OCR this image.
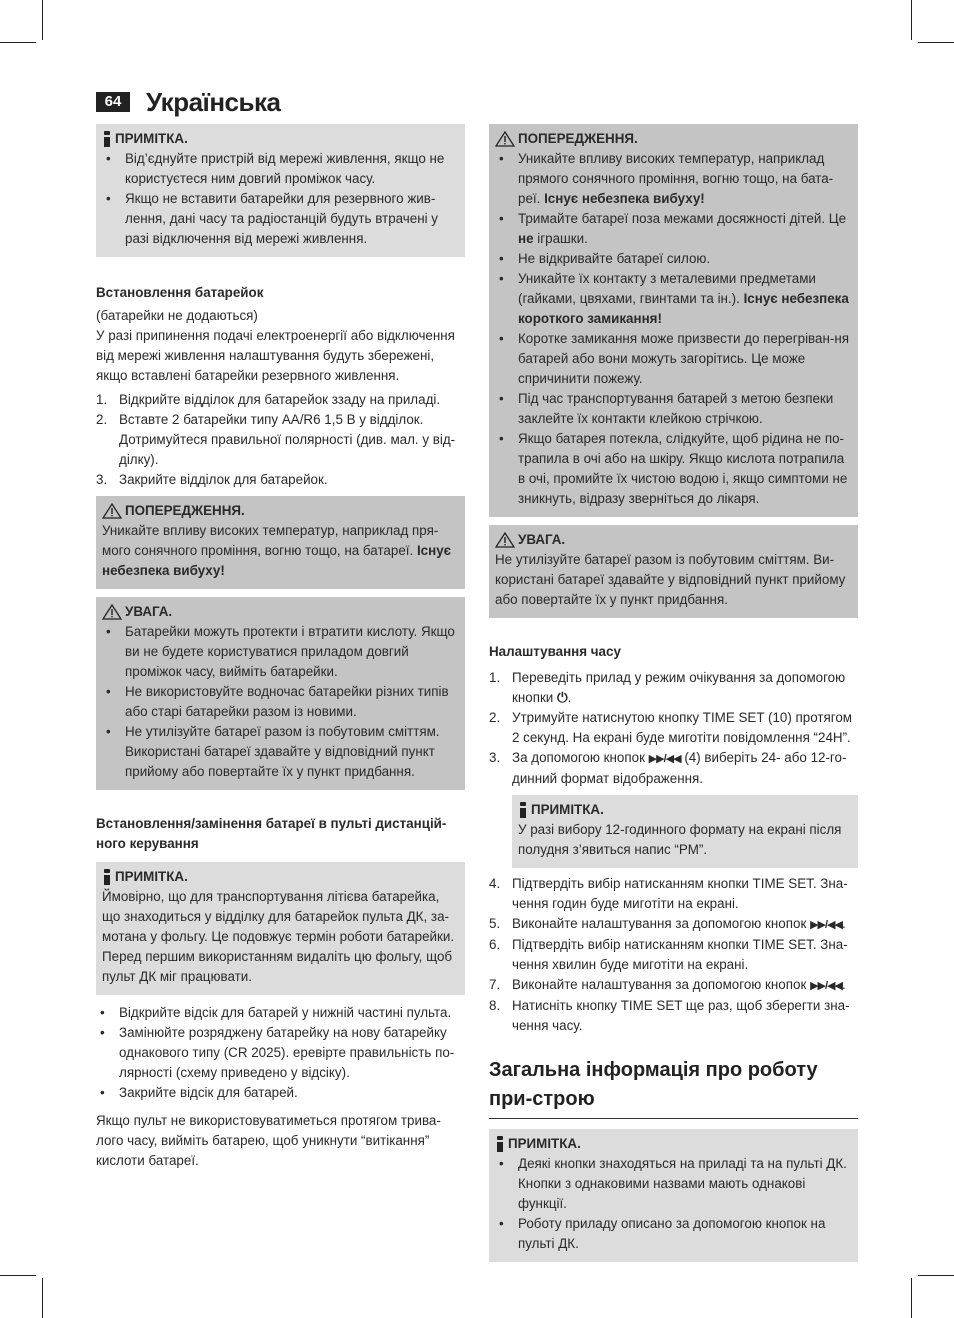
64 Українська
ПРИМІТКА.
• Від’єднуйте пристрій від мережі живлення, якщо не користуєтеся ним довгий проміжок часу.
• Якщо не вставити батарейки для резервного жив-лення, дані часу та радіостанцій будуть втрачені у разі відключення від мережі живлення.
Встановлення батарейок
(батарейки не додаються)
У разі припинення подачі електроенергії або відключення від мережі живлення налаштування будуть збережені, якщо вставлені батарейки резервного живлення.
1. Відкрийте відділок для батарейок ззаду на приладі.
2. Вставте 2 батарейки типу AA/R6 1,5 B у відділок. Дотримуйтеся правильної полярності (див. мал. у від-ділку).
3. Закрийте відділок для батарейок.
ПОПЕРЕДЖЕННЯ.
Уникайте впливу високих температур, наприклад пря-мого сонячного проміння, вогню тощо, на батареї. Існує небезпека вибуху!
УВАГА.
• Батарейки можуть протекти і втратити кислоту. Якщо ви не будете користуватися приладом довгий проміжок часу, вийміть батарейки.
• Не використовуйте водночас батарейки різних типів або старі батарейки разом із новими.
• Не утилізуйте батареї разом із побутовим сміттям. Використані батареї здавайте у відповідний пункт прийому або повертайте їх у пункт придбання.
Встановлення/замінення батареї в пульті дистанцій-ного керування
ПРИМІТКА.
Ймовірно, що для транспортування літієва батарейка, що знаходиться у відділку для батарейок пульта ДК, за-мотана у фольгу. Це подовжує термін роботи батарейки. Перед першим використанням видаліть цю фольгу, щоб пульт ДК міг працювати.
• Відкрийте відсік для батарей у нижній частині пульта.
• Замінюйте розряджену батарейку на нову батарейку однакового типу (CR 2025). еревірте правильність по-лярності (схему приведено у відсіку).
• Закрийте відсік для батарей.
Якщо пульт не використовуватиметься протягом трива-лого часу, вийміть батарею, щоб уникнути “витікання” кислоти батареї.
ПОПЕРЕДЖЕННЯ.
• Уникайте впливу високих температур, наприклад прямого сонячного проміння, вогню тощо, на бата-реї. Існує небезпека вибуху!
• Тримайте батареї поза межами досяжності дітей. Це не іграшки.
• Не відкривайте батареї силою.
• Уникайте їх контакту з металевими предметами (гайками, цвяхами, гвинтами та ін.). Існує небезпека короткого замикання!
• Коротке замикання може призвести до перегріван-ня батарей або вони можуть загорітись. Це може спричинити пожежу.
• Під час транспортування батарей з метою безпеки заклейте їх контакти клейкою стрічкою.
• Якщо батарея потекла, слідкуйте, щоб рідина не по-трапила в очі або на шкіру. Якщо кислота потрапила в очі, промийте їх чистою водою і, якщо симптоми не зникнуть, відразу зверніться до лікаря.
УВАГА.
Не утилізуйте батареї разом із побутовим сміттям. Ви-користані батареї здавайте у відповідний пункт прийому або повертайте їх у пункт придбання.
Налаштування часу
1. Переведіть прилад у режим очікування за допомогою кнопки ⏻.
2. Утримуйте натиснутою кнопку TIME SET (10) протягом 2 секунд. На екрані буде миготіти повідомлення “24H”.
3. За допомогою кнопок ▶▶/◀◀ (4) виберіть 24- або 12-го-динний формат відображення.
ПРИМІТКА.
У разі вибору 12-годинного формату на екрані після полудня з’явиться напис “PM”.
4. Підтвердіть вибір натисканням кнопки TIME SET. Зна-чення годин буде миготіти на екрані.
5. Виконайте налаштування за допомогою кнопок ▶▶/◀◀.
6. Підтвердіть вибір натисканням кнопки TIME SET. Зна-чення хвилин буде миготіти на екрані.
7. Виконайте налаштування за допомогою кнопок ▶▶/◀◀.
8. Натисніть кнопку TIME SET ще раз, щоб зберегти зна-чення часу.
Загальна інформація про роботу при-строю
ПРИМІТКА.
• Деякі кнопки знаходяться на приладі та на пульті ДК. Кнопки з однаковими назвами мають однакові функції.
• Роботу приладу описано за допомогою кнопок на пульті ДК.
